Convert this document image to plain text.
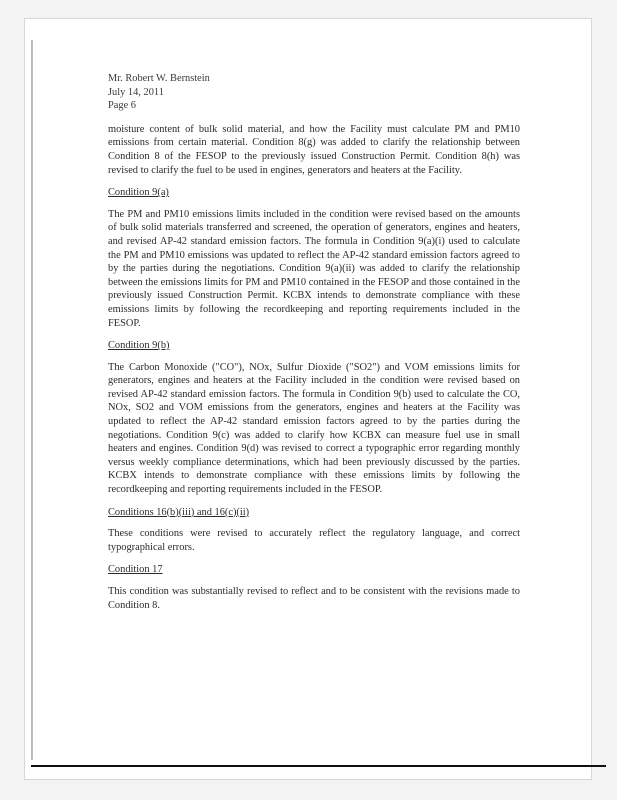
Mr. Robert W. Bernstein
July 14, 2011
Page 6

moisture content of bulk solid material, and how the Facility must calculate PM and PM10 emissions from certain material. Condition 8(g) was added to clarify the relationship between Condition 8 of the FESOP to the previously issued Construction Permit. Condition 8(h) was revised to clarify the fuel to be used in engines, generators and heaters at the Facility.

Condition 9(a)

The PM and PM10 emissions limits included in the condition were revised based on the amounts of bulk solid materials transferred and screened, the operation of generators, engines and heaters, and revised AP-42 standard emission factors. The formula in Condition 9(a)(i) used to calculate the PM and PM10 emissions was updated to reflect the AP-42 standard emission factors agreed to by the parties during the negotiations. Condition 9(a)(ii) was added to clarify the relationship between the emissions limits for PM and PM10 contained in the FESOP and those contained in the previously issued Construction Permit. KCBX intends to demonstrate compliance with these emissions limits by following the recordkeeping and reporting requirements included in the FESOP.

Condition 9(b)

The Carbon Monoxide ("CO"), NOx, Sulfur Dioxide ("SO2") and VOM emissions limits for generators, engines and heaters at the Facility included in the condition were revised based on revised AP-42 standard emission factors. The formula in Condition 9(b) used to calculate the CO, NOx, SO2 and VOM emissions from the generators, engines and heaters at the Facility was updated to reflect the AP-42 standard emission factors agreed to by the parties during the negotiations. Condition 9(c) was added to clarify how KCBX can measure fuel use in small heaters and engines. Condition 9(d) was revised to correct a typographic error regarding monthly versus weekly compliance determinations, which had been previously discussed by the parties. KCBX intends to demonstrate compliance with these emissions limits by following the recordkeeping and reporting requirements included in the FESOP.

Conditions 16(b)(iii) and 16(c)(ii)

These conditions were revised to accurately reflect the regulatory language, and correct typographical errors.

Condition 17

This condition was substantially revised to reflect and to be consistent with the revisions made to Condition 8.
